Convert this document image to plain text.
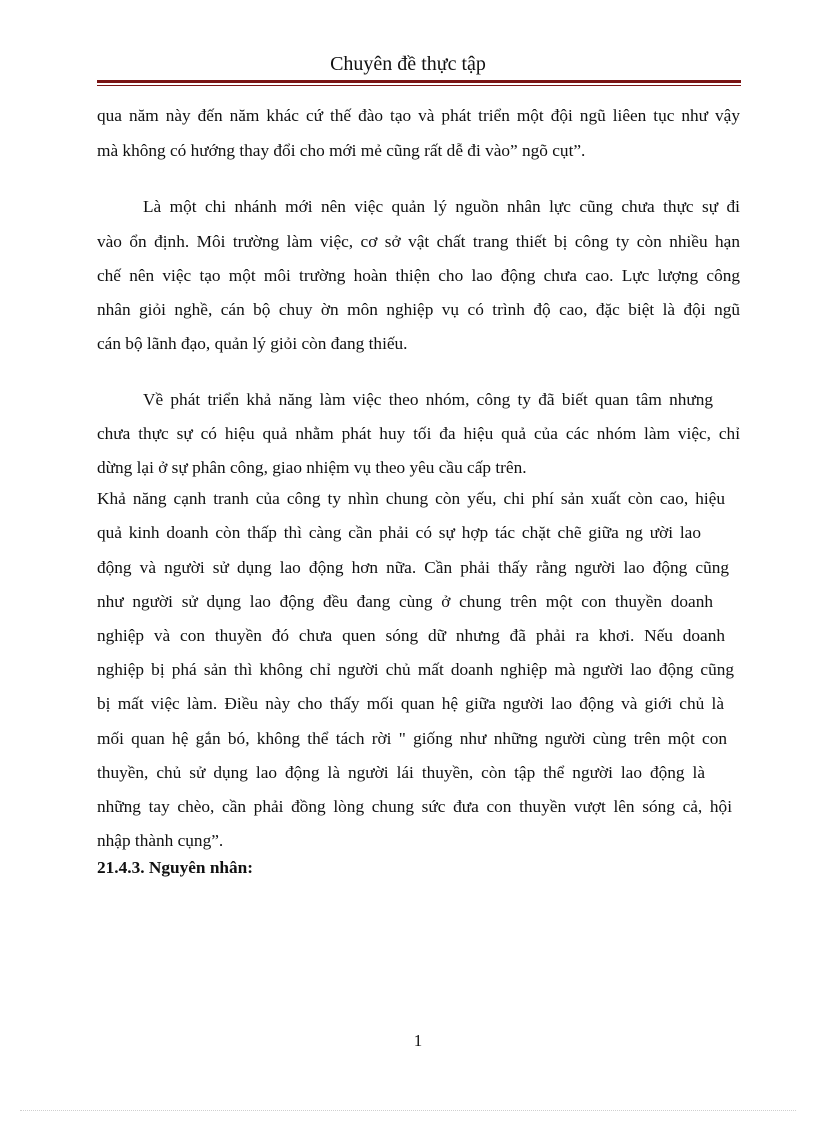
Chuyên đề thực tập
qua năm này đến năm khác cứ thế đào tạo và phát triển một đội ngũ liêen tục như vậy
mà không có hướng thay đổi cho mới mẻ cũng rất dễ đi vào” ngõ cụt”.
Là một chi nhánh mới nên việc quản lý nguồn nhân lực cũng chưa thực sự đi
vào ổn định. Môi trường làm việc, cơ sở vật chất trang thiết bị công ty còn nhiều hạn
chế nên việc tạo một môi trường hoàn thiện cho lao động chưa cao. Lực lượng công
nhân giỏi nghề, cán bộ chuy ờn môn nghiệp vụ có trình độ cao, đặc biệt là đội ngũ
cán bộ lãnh đạo, quản lý giỏi còn đang thiếu.
Về phát triển khả năng làm việc theo nhóm, công ty đã biết quan tâm nhưng
chưa thực sự có hiệu quả nhằm phát huy tối đa hiệu quả của các nhóm làm việc, chỉ
dừng lại ở sự phân công, giao nhiệm vụ theo yêu cầu cấp trên.
Khả năng cạnh tranh của công ty nhìn chung còn yếu, chi phí sản xuất còn cao, hiệu
quả kinh doanh còn thấp thì càng cần phải có sự hợp tác chặt chẽ giữa ng ười lao
động và người sử dụng lao động hơn nữa. Cần phải thấy rằng người lao động cũng
như người sử dụng lao động đều đang cùng ở chung trên một con thuyền doanh
nghiệp và con thuyền đó chưa quen sóng dữ nhưng đã phải ra khơi. Nếu doanh
nghiệp bị phá sản thì không chỉ người chủ mất doanh nghiệp mà người lao động cũng
bị mất việc làm. Điều này cho thấy mối quan hệ giữa người lao động và giới chủ là
mối quan hệ gắn bó, không thể tách rời " giống như những người cùng trên một con
thuyền, chủ sử dụng lao động là người lái thuyền, còn tập thể người lao động là
những tay chèo, cần phải đồng lòng chung sức đưa con thuyền vượt lên sóng cả, hội
nhập thành cụng”.
21.4.3. Nguyên nhân:
1
